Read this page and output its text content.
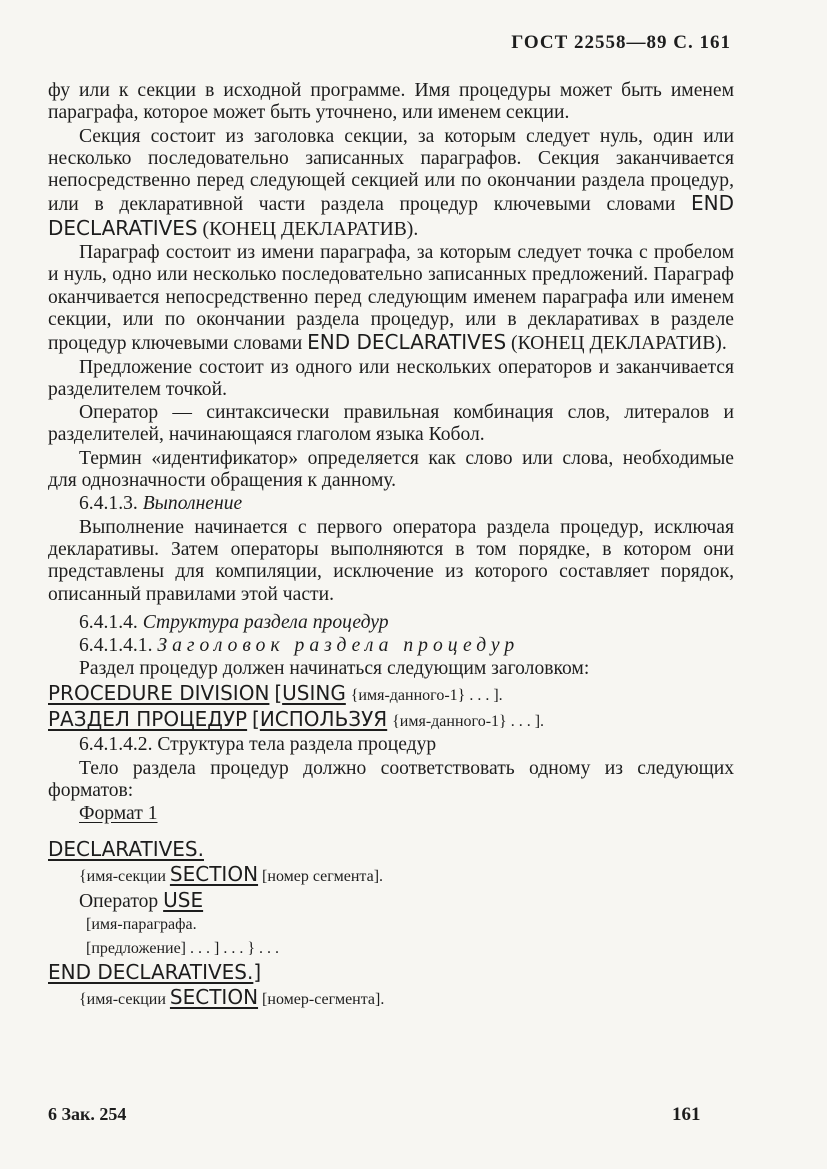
ГОСТ 22558—89 С. 161

фу или к секции в исходной программе. Имя процедуры может быть именем параграфа, которое может быть уточнено, или именем секции.

Секция состоит из заголовка секции, за которым следует нуль, один или несколько последовательно записанных параграфов. Секция заканчивается непосредственно перед следующей секцией или по окончании раздела процедур, или в декларативной части раздела процедур ключевыми словами END DECLARATIVES (КОНЕЦ ДЕКЛАРАТИВ).

Параграф состоит из имени параграфа, за которым следует точка с пробелом и нуль, одно или несколько последовательно записанных предложений. Параграф оканчивается непосредственно перед следующим именем параграфа или именем секции, или по окончании раздела процедур, или в декларативах в разделе процедур ключевыми словами END DECLARATIVES (КОНЕЦ ДЕКЛАРАТИВ).

Предложение состоит из одного или нескольких операторов и заканчивается разделителем точкой.

Оператор — синтаксически правильная комбинация слов, литералов и разделителей, начинающаяся глаголом языка Кобол.

Термин «идентификатор» определяется как слово или слова, необходимые для однозначности обращения к данному.

6.4.1.3. Выполнение

Выполнение начинается с первого оператора раздела процедур, исключая декларативы. Затем операторы выполняются в том порядке, в котором они представлены для компиляции, исключение из которого составляет порядок, описанный правилами этой части.

6.4.1.4. Структура раздела процедур

6.4.1.4.1. Заголовок раздела процедур

Раздел процедур должен начинаться следующим заголовком:

PROCEDURE DIVISION [USING {имя-данного-1} . . . ].

РАЗДЕЛ ПРОЦЕДУР [ИСПОЛЬЗУЯ {имя-данного-1} . . . ].

6.4.1.4.2. Структура тела раздела процедур

Тело раздела процедур должно соответствовать одному из следующих форматов:

Формат 1

DECLARATIVES.

{имя-секции SECTION [номер сегмента].

Оператор USE

[имя-параграфа.

[предложение] . . . ] . . . } . . .

END DECLARATIVES.]

{имя-секции SECTION [номер-сегмента].

6 Зак. 254	161
